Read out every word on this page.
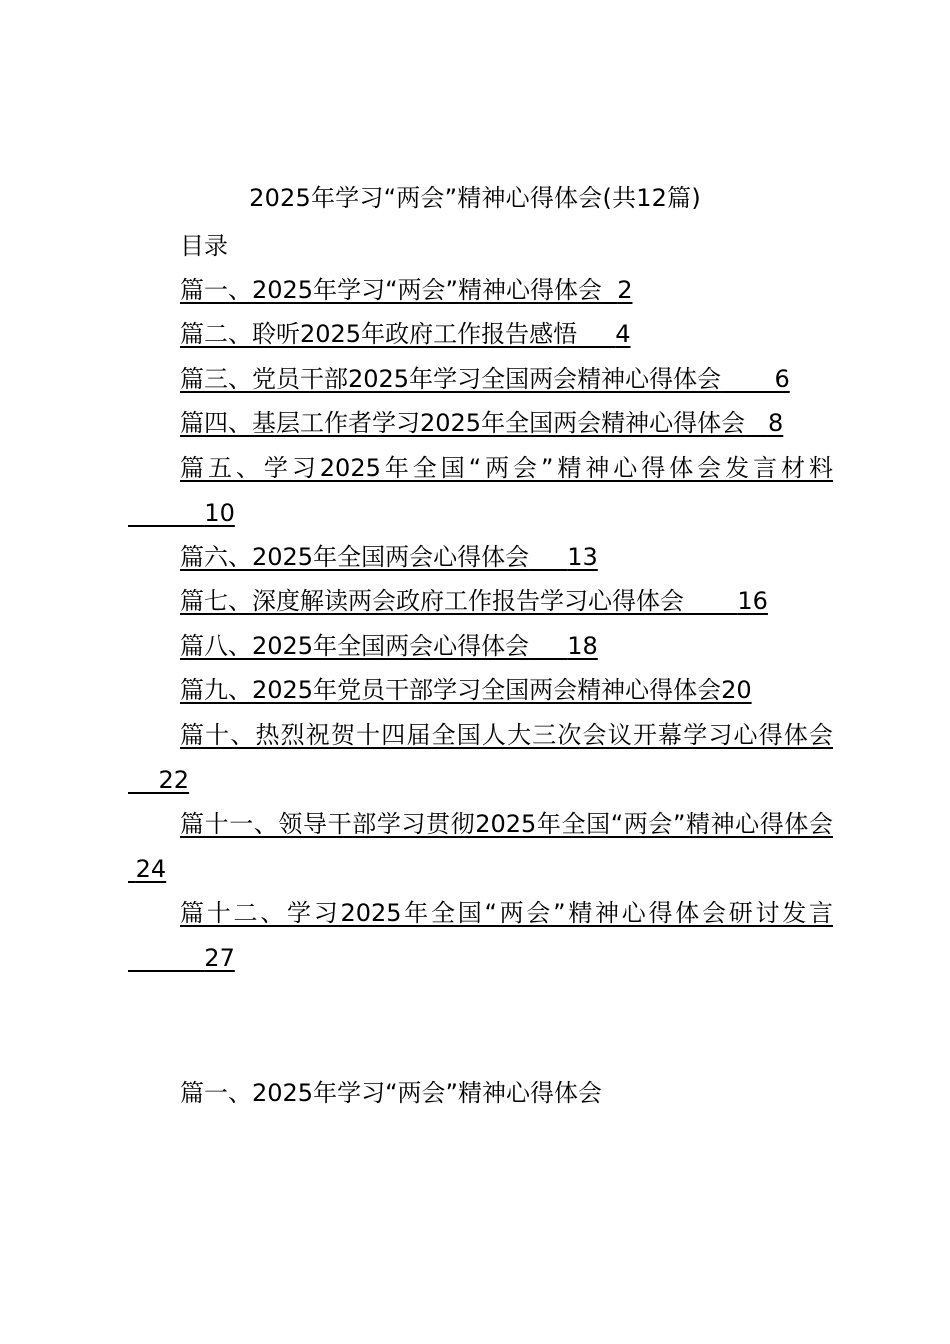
2025年学习“两会”精神心得体会(共12篇)
目录
篇一、2025年学习“两会”精神心得体会 2
篇二、聆听2025年政府工作报告感悟 4
篇三、党员干部2025年学习全国两会精神心得体会 6
篇四、基层工作者学习2025年全国两会精神心得体会 8
篇五、学习2025年全国“两会”精神心得体会发言材料          10
篇六、2025年全国两会心得体会 13
篇七、深度解读两会政府工作报告学习心得体会 16
篇八、2025年全国两会心得体会 18
篇九、2025年党员干部学习全国两会精神心得体会20
篇十、热烈祝贺十四届全国人大三次会议开幕学习心得体会    22
篇十一、领导干部学习贯彻2025年全国“两会”精神心得体会 24
篇十二、学习2025年全国“两会”精神心得体会研讨发言          27
篇一、2025年学习“两会”精神心得体会
